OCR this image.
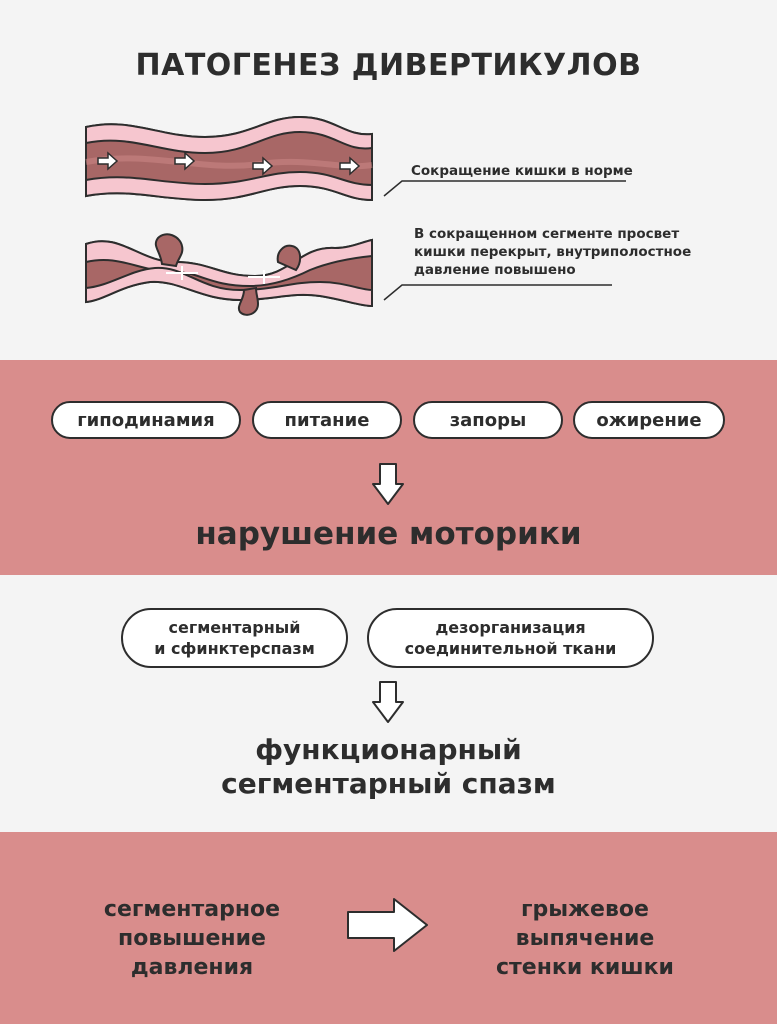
ПАТОГЕНЕЗ ДИВЕРТИКУЛОВ
Сокращение кишки в норме
В сокращенном сегменте просвет
кишки перекрыт, внутриполостное
давление повышено
гиподинамия	питание	запоры	ожирение
нарушение моторики
сегментарный
и сфинктерспазм
дезорганизация
соединительной ткани
функционарный
сегментарный спазм
сегментарное
повышение
давления
грыжевое
выпячение
стенки кишки
